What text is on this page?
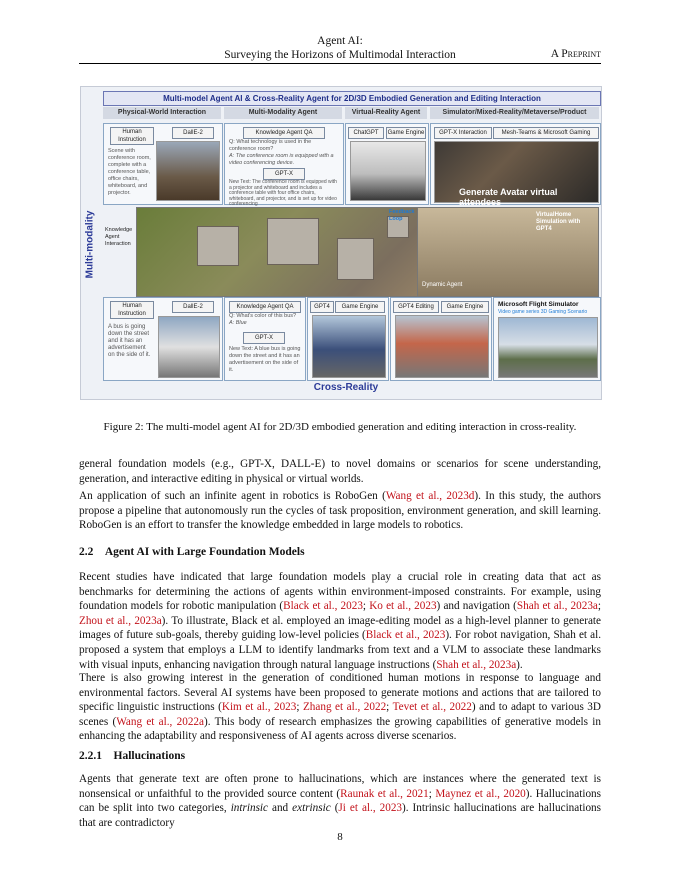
Agent AI:
Surveying the Horizons of Multimodal Interaction	A Preprint
Multi-model Agent AI & Cross-Reality Agent for 2D/3D Embodied Generation and Editing Interaction
Physical-World Interaction	Multi-Modality Agent	Virtual-Reality Agent	Simulator/Mixed-Reality/Metaverse/Product
Multi-modality
Human Instruction
DallE-2
Scene with conference room, complete with a conference table, office chairs, whiteboard, and projector.
Knowledge Agent QA
Q: What technology is used in the conference room?
A: The conference room is equipped with a video conferencing device.
GPT-X
New Text: The conference room is equipped with a projector and whiteboard and includes a conference table with four office chairs, whiteboard, and projector, and is set up for video conferencing
ChatGPT	Game Engine	GPT-X Interaction	Mesh-Teams & Microsoft Gaming
Generate Avatar virtual attendees
Knowledge Agent Interaction
Feedback Loop
VirtualHome Simulation with GPT4
Dynamic Agent
Human Instruction
DallE-2
A bus is going down the street and it has an advertisement on the side of it.
Knowledge Agent QA
Q: What's color of this bus?
A: Blue
GPT-X
New Text: A blue bus is going down the street and it has an advertisement on the side of it.
GPT4	Game Engine	GPT4 Editing	Game Engine	Microsoft Flight Simulator
Video game series 3D Gaming Scenario
Cross-Reality
Figure 2: The multi-model agent AI for 2D/3D embodied generation and editing interaction in cross-reality.

general foundation models (e.g., GPT-X, DALL-E) to novel domains or scenarios for scene understanding, generation, and interactive editing in physical or virtual worlds.

An application of such an infinite agent in robotics is RoboGen (Wang et al., 2023d). In this study, the authors propose a pipeline that autonomously run the cycles of task proposition, environment generation, and skill learning. RoboGen is an effort to transfer the knowledge embedded in large models to robotics.

2.2 Agent AI with Large Foundation Models

Recent studies have indicated that large foundation models play a crucial role in creating data that act as benchmarks for determining the actions of agents within environment-imposed constraints. For example, using foundation models for robotic manipulation (Black et al., 2023; Ko et al., 2023) and navigation (Shah et al., 2023a; Zhou et al., 2023a). To illustrate, Black et al. employed an image-editing model as a high-level planner to generate images of future sub-goals, thereby guiding low-level policies (Black et al., 2023). For robot navigation, Shah et al. proposed a system that employs a LLM to identify landmarks from text and a VLM to associate these landmarks with visual inputs, enhancing navigation through natural language instructions (Shah et al., 2023a).

There is also growing interest in the generation of conditioned human motions in response to language and environmental factors. Several AI systems have been proposed to generate motions and actions that are tailored to specific linguistic instructions (Kim et al., 2023; Zhang et al., 2022; Tevet et al., 2022) and to adapt to various 3D scenes (Wang et al., 2022a). This body of research emphasizes the growing capabilities of generative models in enhancing the adaptability and responsiveness of AI agents across diverse scenarios.

2.2.1 Hallucinations

Agents that generate text are often prone to hallucinations, which are instances where the generated text is nonsensical or unfaithful to the provided source content (Raunak et al., 2021; Maynez et al., 2020). Hallucinations can be split into two categories, intrinsic and extrinsic (Ji et al., 2023). Intrinsic hallucinations are hallucinations that are contradictory

8
